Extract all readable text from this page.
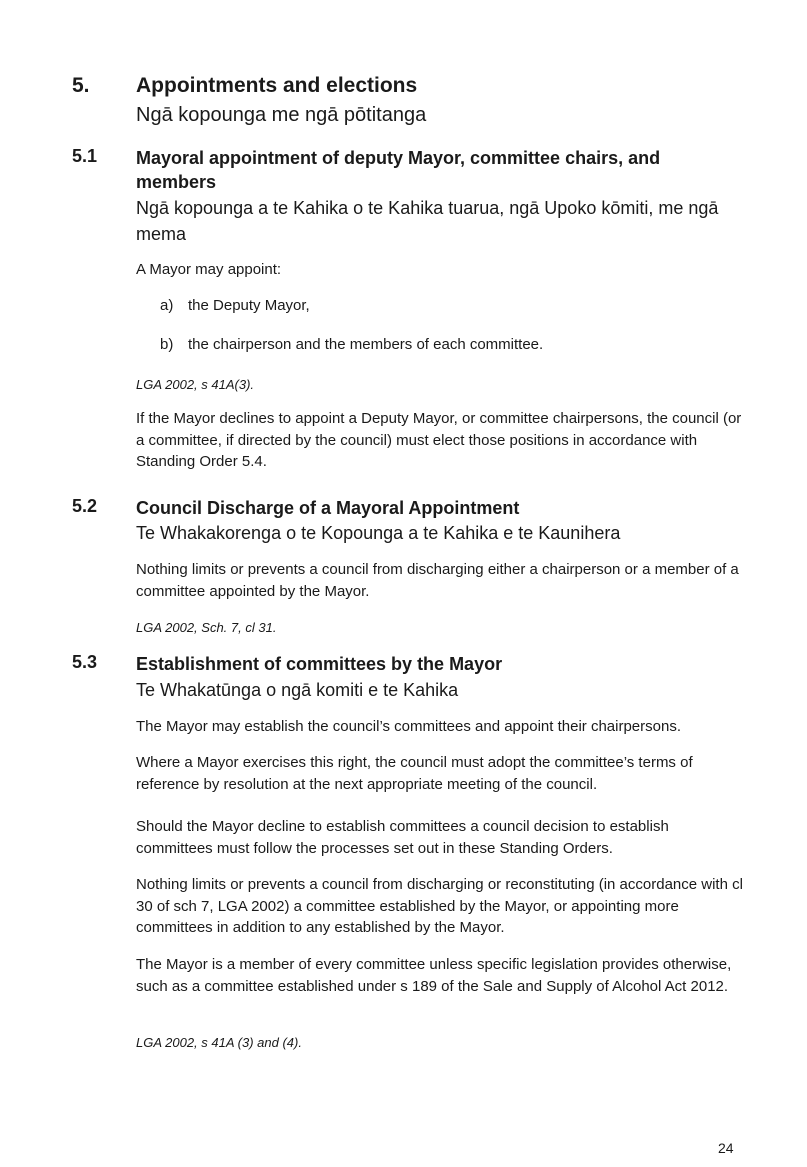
5. Appointments and elections
Ngā kopounga me ngā pōtitanga
5.1 Mayoral appointment of deputy Mayor, committee chairs, and members
Ngā kopounga a te Kahika o te Kahika tuarua, ngā Upoko kōmiti, me ngā mema

A Mayor may appoint:

a) the Deputy Mayor,
b) the chairperson and the members of each committee.

LGA 2002, s 41A(3).

If the Mayor declines to appoint a Deputy Mayor, or committee chairpersons, the council (or a committee, if directed by the council) must elect those positions in accordance with Standing Order 5.4.

5.2 Council Discharge of a Mayoral Appointment
Te Whakakorenga o te Kopounga a te Kahika e te Kaunihera

Nothing limits or prevents a council from discharging either a chairperson or a member of a committee appointed by the Mayor.

LGA 2002, Sch. 7, cl 31.

5.3 Establishment of committees by the Mayor
Te Whakatūnga o ngā komiti e te Kahika

The Mayor may establish the council’s committees and appoint their chairpersons.

Where a Mayor exercises this right, the council must adopt the committee’s terms of reference by resolution at the next appropriate meeting of the council.

Should the Mayor decline to establish committees a council decision to establish committees must follow the processes set out in these Standing Orders.

Nothing limits or prevents a council from discharging or reconstituting (in accordance with cl 30 of sch 7, LGA 2002) a committee established by the Mayor, or appointing more committees in addition to any established by the Mayor.

The Mayor is a member of every committee unless specific legislation provides otherwise, such as a committee established under s 189 of the Sale and Supply of Alcohol Act 2012.

LGA 2002, s 41A (3) and (4).

24
